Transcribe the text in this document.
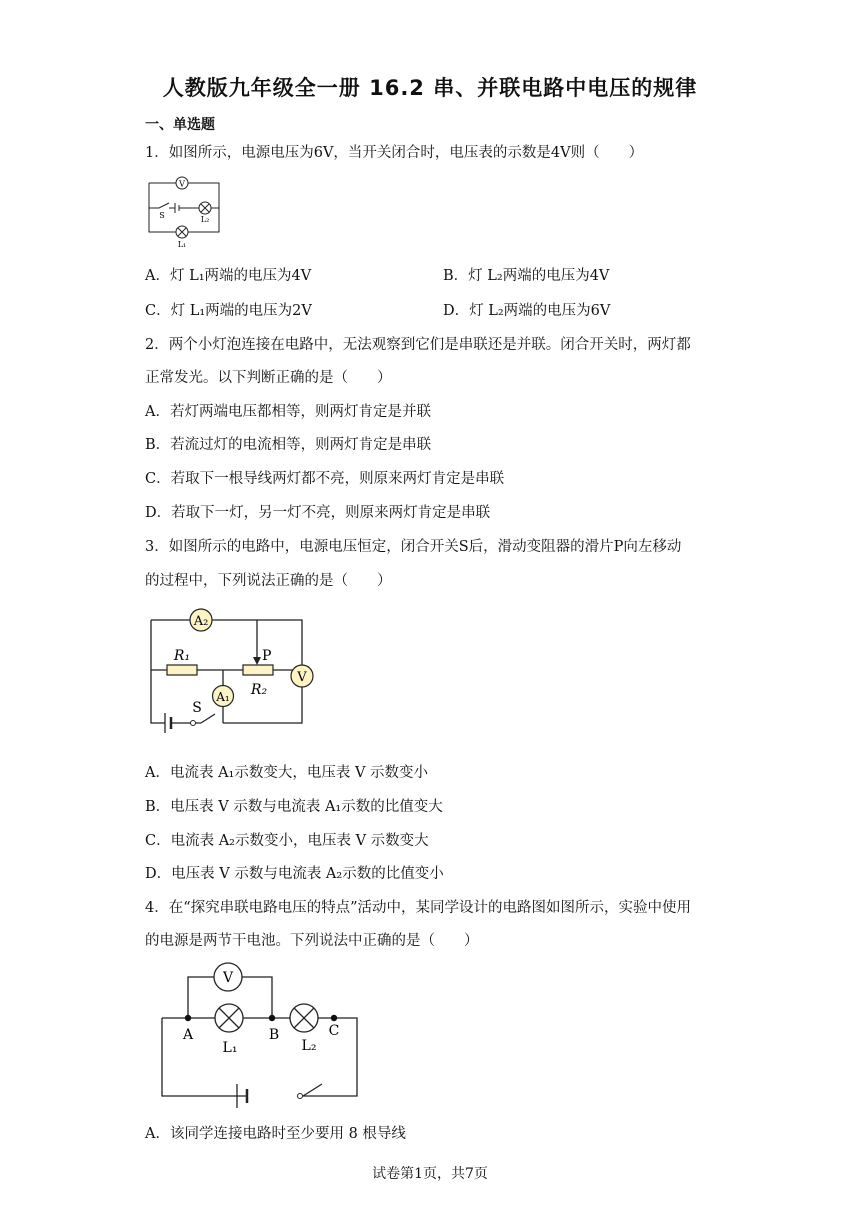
人教版九年级全一册 16.2 串、并联电路中电压的规律
一、单选题
1．如图所示，电源电压为6V，当开关闭合时，电压表的示数是4V则（　　）
V
S	L₂
L₁
A．灯 L₁两端的电压为4V	B．灯 L₂两端的电压为4V
C．灯 L₁两端的电压为2V	D．灯 L₂两端的电压为6V
2．两个小灯泡连接在电路中，无法观察到它们是串联还是并联。闭合开关时，两灯都
正常发光。以下判断正确的是（　　）
A．若灯两端电压都相等，则两灯肯定是并联
B．若流过灯的电流相等，则两灯肯定是串联
C．若取下一根导线两灯都不亮，则原来两灯肯定是串联
D．若取下一灯，另一灯不亮，则原来两灯肯定是串联
3．如图所示的电路中，电源电压恒定，闭合开关S后，滑动变阻器的滑片P向左移动
的过程中，下列说法正确的是（　　）
A₂
R₁	P
R₂
V
A₁
S
A．电流表 A₁示数变大，电压表 V 示数变小
B．电压表 V 示数与电流表 A₁示数的比值变大
C．电流表 A₂示数变小，电压表 V 示数变大
D．电压表 V 示数与电流表 A₂示数的比值变小
4．在“探究串联电路电压的特点”活动中，某同学设计的电路图如图所示，实验中使用
的电源是两节干电池。下列说法中正确的是（　　）
V
A	B	C
L₁	L₂
A．该同学连接电路时至少要用 8 根导线
试卷第1页，共7页
